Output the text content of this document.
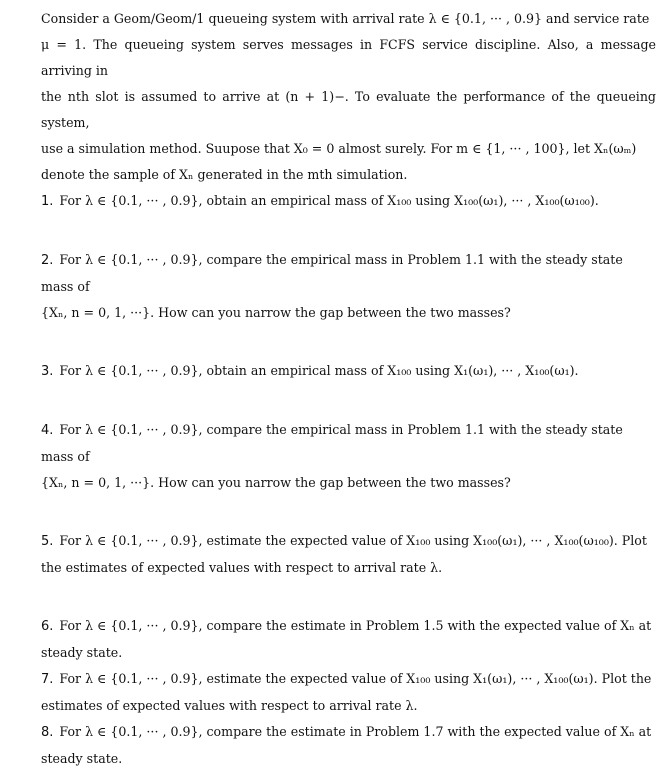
Consider a Geom/Geom/1 queueing system with arrival rate λ ∈ {0.1, ··· , 0.9} and service rate

μ = 1. The queueing system serves messages in FCFS service discipline. Also, a message arriving in

the nth slot is assumed to arrive at (n + 1)−. To evaluate the performance of the queueing system,

use a simulation method. Suupose that X₀ = 0 almost surely. For m ∈ {1, ··· , 100}, let Xₙ(ωₘ)

denote the sample of Xₙ generated in the mth simulation.

1. For λ ∈ {0.1, ··· , 0.9}, obtain an empirical mass of X₁₀₀ using X₁₀₀(ω₁), ··· , X₁₀₀(ω₁₀₀).
2. For λ ∈ {0.1, ··· , 0.9}, compare the empirical mass in Problem 1.1 with the steady state mass of
{Xₙ, n = 0, 1, ···}. How can you narrow the gap between the two masses?
3. For λ ∈ {0.1, ··· , 0.9}, obtain an empirical mass of X₁₀₀ using X₁(ω₁), ··· , X₁₀₀(ω₁).
4. For λ ∈ {0.1, ··· , 0.9}, compare the empirical mass in Problem 1.1 with the steady state mass of
{Xₙ, n = 0, 1, ···}. How can you narrow the gap between the two masses?
5. For λ ∈ {0.1, ··· , 0.9}, estimate the expected value of X₁₀₀ using X₁₀₀(ω₁), ··· , X₁₀₀(ω₁₀₀). Plot
the estimates of expected values with respect to arrival rate λ.
6. For λ ∈ {0.1, ··· , 0.9}, compare the estimate in Problem 1.5 with the expected value of Xₙ at
steady state.
7. For λ ∈ {0.1, ··· , 0.9}, estimate the expected value of X₁₀₀ using X₁(ω₁), ··· , X₁₀₀(ω₁). Plot the
estimates of expected values with respect to arrival rate λ.
8. For λ ∈ {0.1, ··· , 0.9}, compare the estimate in Problem 1.7 with the expected value of Xₙ at
steady state.
